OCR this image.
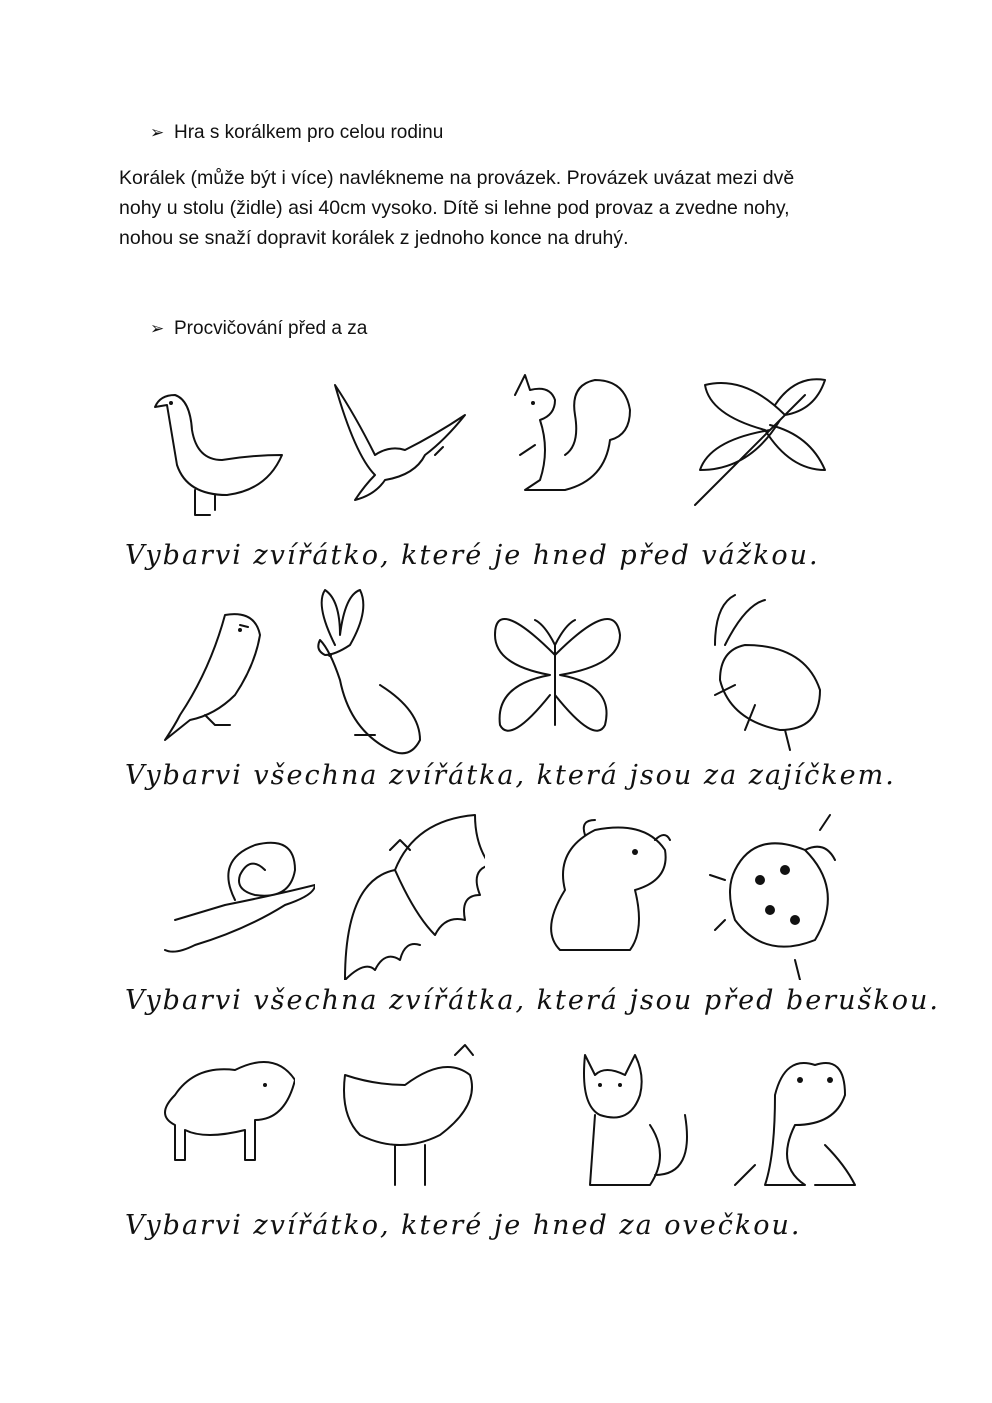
➢ Hra s korálkem pro celou rodinu

Korálek (může být i více) navlékneme na provázek. Provázek uvázat mezi dvě

nohy u stolu (židle) asi 40cm vysoko. Dítě si lehne pod provaz a zvedne nohy,

nohou se snaží dopravit korálek z jednoho konce na druhý.

➢ Procvičování před a za
Vybarvi zvířátko, které je hned před vážkou.
Vybarvi všechna zvířátka, která jsou za zajíčkem.
Vybarvi všechna zvířátka, která jsou před beruškou.
Vybarvi zvířátko, které je hned za ovečkou.
